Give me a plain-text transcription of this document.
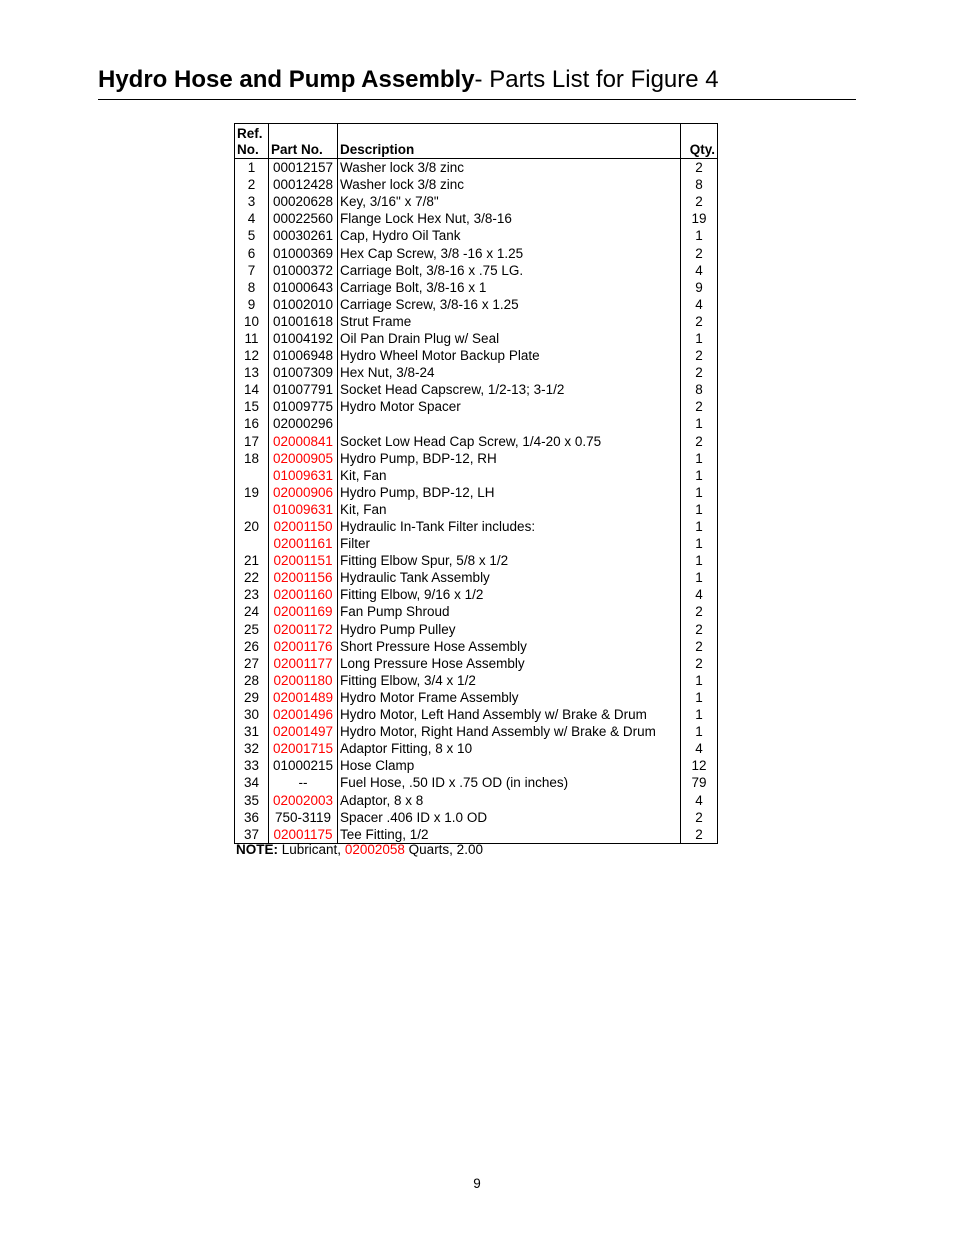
Hydro Hose and Pump Assembly- Parts List for Figure 4
Ref.
No.	Part No.	Description	Qty.
1	00012157	Washer lock 3/8 zinc	2
2	00012428	Washer lock 3/8 zinc	8
3	00020628	Key, 3/16" x 7/8"	2
4	00022560	Flange Lock Hex Nut, 3/8-16	19
5	00030261	Cap, Hydro Oil Tank	1
6	01000369	Hex Cap Screw, 3/8 -16 x 1.25	2
7	01000372	Carriage Bolt, 3/8-16 x .75 LG.	4
8	01000643	Carriage Bolt, 3/8-16 x 1	9
9	01002010	Carriage Screw, 3/8-16 x 1.25	4
10	01001618	Strut Frame	2
11	01004192	Oil Pan Drain Plug w/ Seal	1
12	01006948	Hydro Wheel Motor Backup Plate	2
13	01007309	Hex Nut, 3/8-24	2
14	01007791	Socket Head Capscrew, 1/2-13; 3-1/2	8
15	01009775	Hydro Motor Spacer	2
16	02000296		1
17	02000841	Socket Low Head Cap Screw, 1/4-20 x 0.75	2
18	02000905	Hydro Pump, BDP-12, RH	1
	01009631	Kit, Fan	1
19	02000906	Hydro Pump, BDP-12, LH	1
	01009631	Kit, Fan	1
20	02001150	Hydraulic In-Tank Filter includes:	1
	02001161	Filter	1
21	02001151	Fitting Elbow Spur, 5/8 x 1/2	1
22	02001156	Hydraulic Tank Assembly	1
23	02001160	Fitting Elbow, 9/16 x 1/2	4
24	02001169	Fan Pump Shroud	2
25	02001172	Hydro Pump Pulley	2
26	02001176	Short Pressure Hose Assembly	2
27	02001177	Long Pressure Hose Assembly	2
28	02001180	Fitting Elbow, 3/4 x 1/2	1
29	02001489	Hydro Motor Frame Assembly	1
30	02001496	Hydro Motor, Left Hand Assembly w/ Brake & Drum	1
31	02001497	Hydro Motor, Right Hand Assembly w/ Brake & Drum	1
32	02001715	Adaptor Fitting, 8 x 10	4
33	01000215	Hose Clamp	12
34	--	Fuel Hose, .50 ID x .75 OD (in inches)	79
35	02002003	Adaptor, 8 x 8	4
36	750-3119	Spacer .406 ID x 1.0 OD	2
37	02001175	Tee Fitting, 1/2	2
NOTE: Lubricant, 02002058 Quarts, 2.00
9
